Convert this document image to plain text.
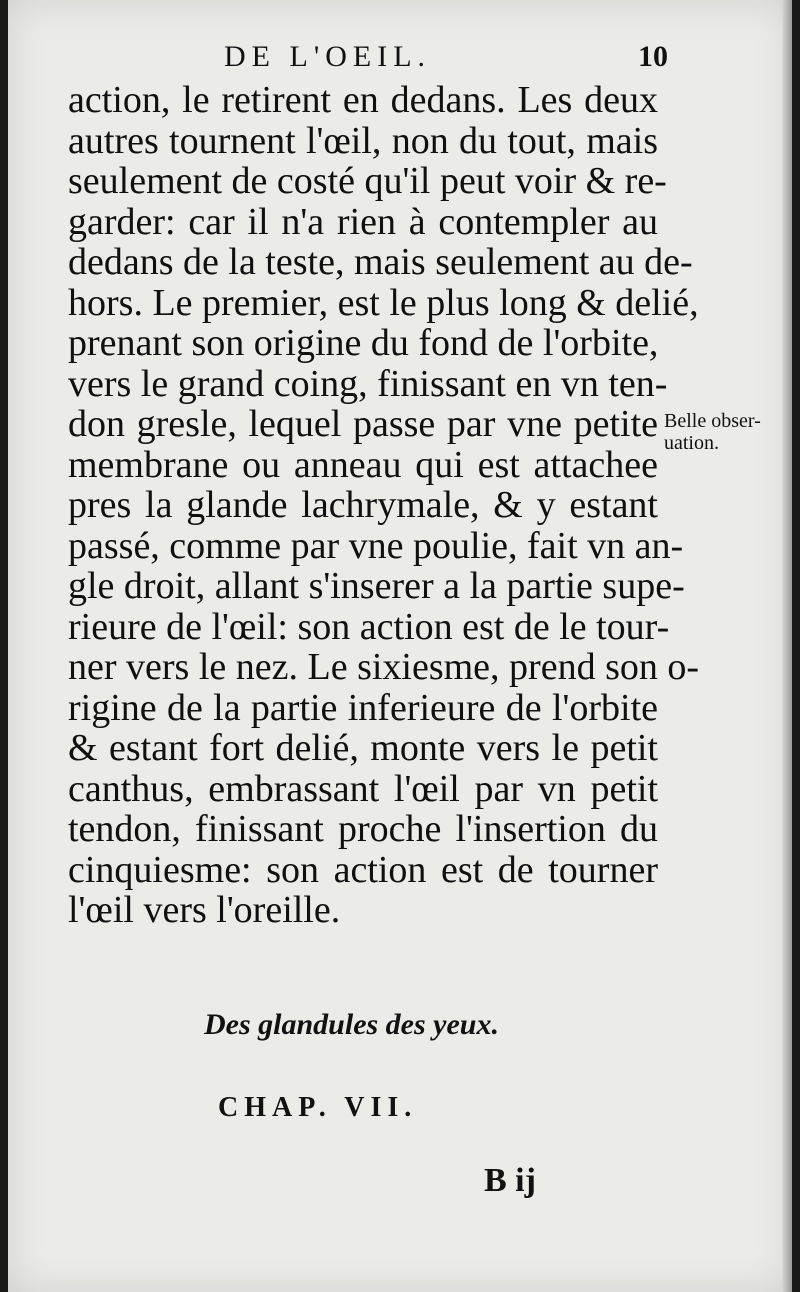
DE L'OEIL.	10
action, le retirent en dedans. Les deux
autres tournent l'œil, non du tout, mais
seulement de costé qu'il peut voir & re-
garder: car il n'a rien à contempler au
dedans de la teste, mais seulement au de-
hors. Le premier, est le plus long & delié,
prenant son origine du fond de l'orbite,
vers le grand coing, finissant en vn ten-
don gresle, lequel passe par vne petite
membrane ou anneau qui est attachee
pres la glande lachrymale, & y estant
passé, comme par vne poulie, fait vn an-
gle droit, allant s'inserer a la partie supe-
rieure de l'œil: son action est de le tour-
ner vers le nez. Le sixiesme, prend son o-
rigine de la partie inferieure de l'orbite
& estant fort delié, monte vers le petit
canthus, embrassant l'œil par vn petit
tendon, finissant proche l'insertion du
cinquiesme: son action est de tourner
l'œil vers l'oreille.
Belle obser-
uation.
Des glandules des yeux.
CHAP. VII.
B ij
